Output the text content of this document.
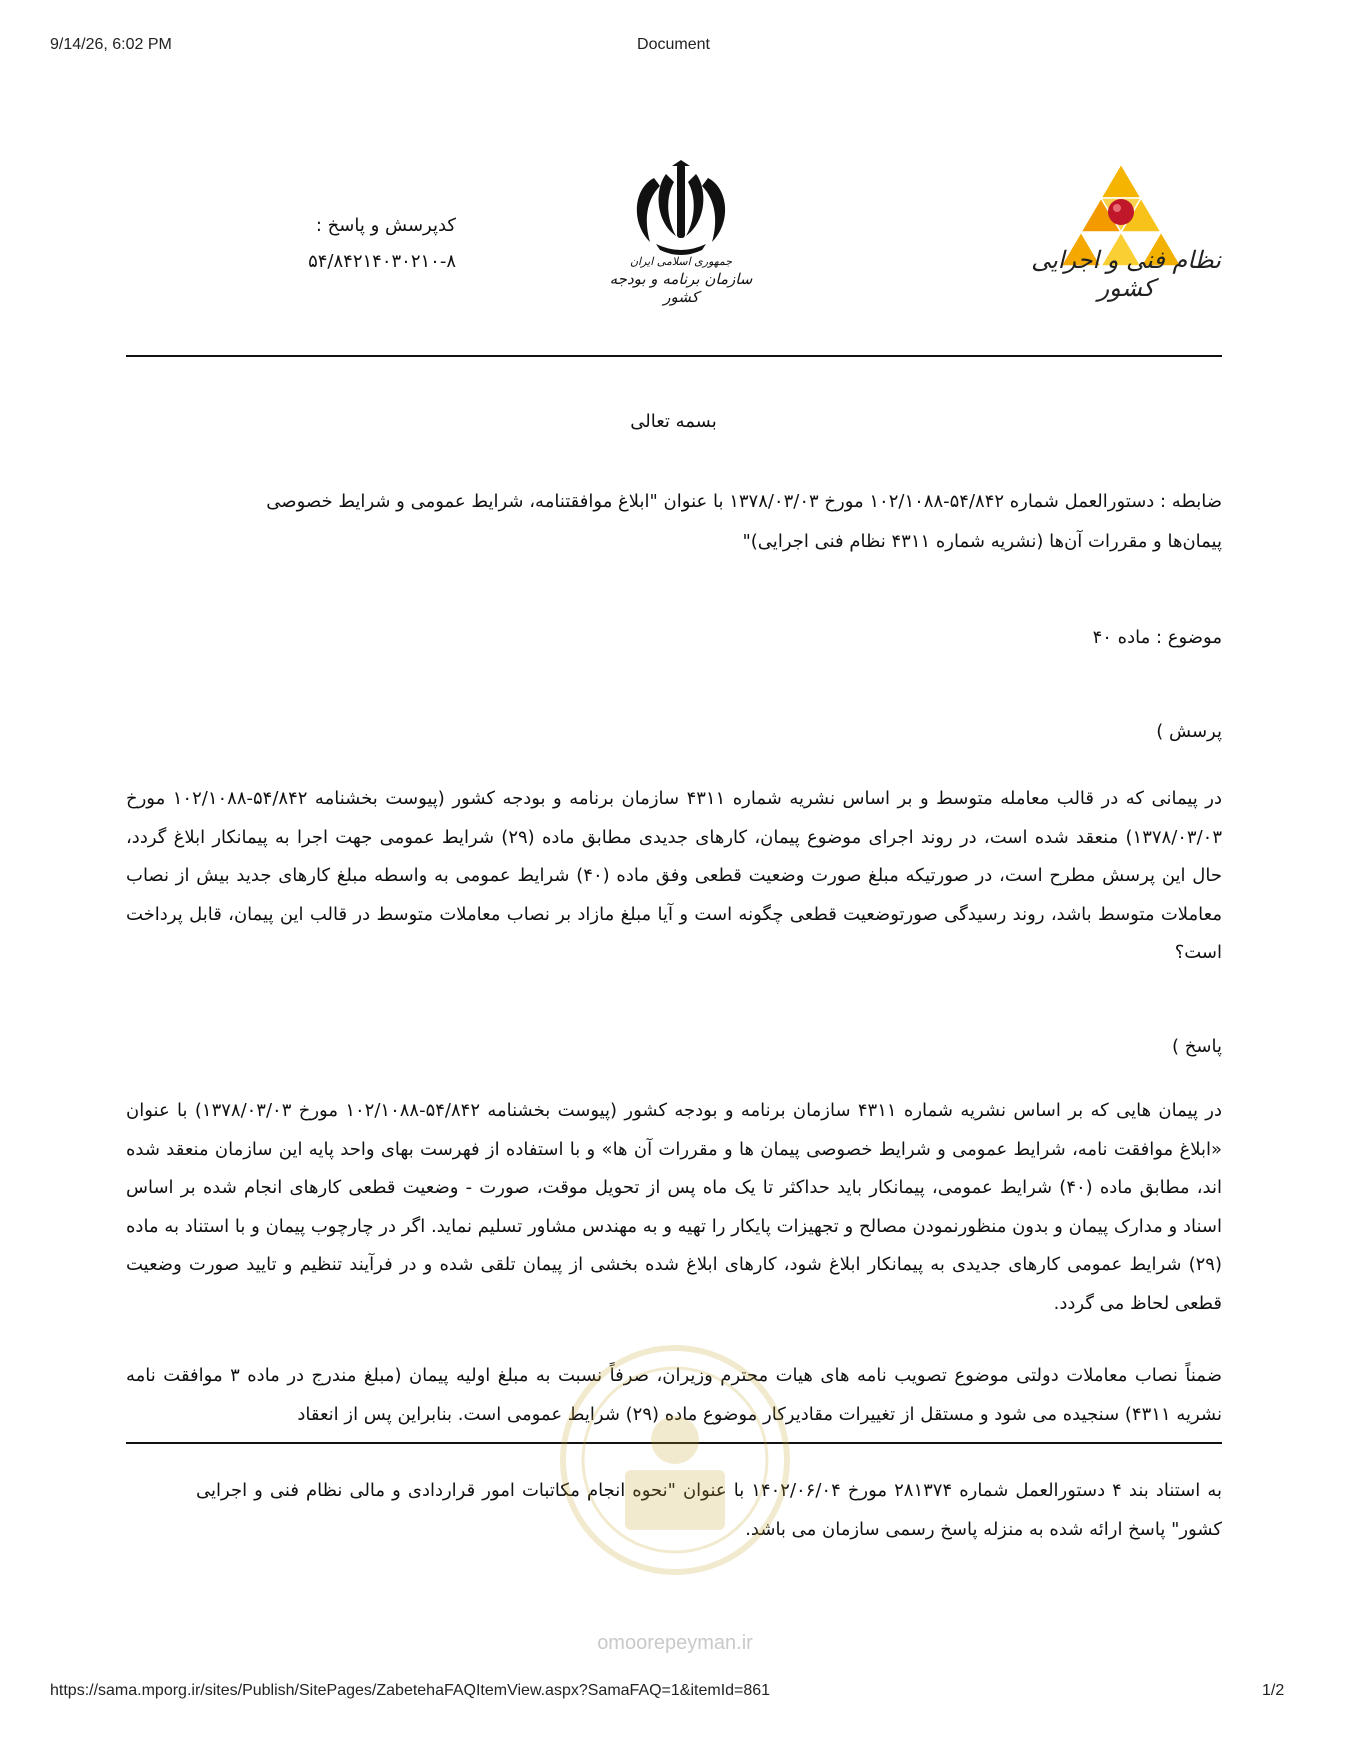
9/14/26, 6:02 PM	Document
کدپرسش و پاسخ :
۵۴/۸۴۲۱۴۰۳۰۲۱۰-۸	جمهوری اسلامی ایران
سازمان برنامه و بودجه کشور
نظام فنی و اجرایی کشور
بسمه تعالی
ضابطه : دستورالعمل شماره ۵۴/۸۴۲-۱۰۲/۱۰۸۸ مورخ ۱۳۷۸/۰۳/۰۳ با عنوان "ابلاغ موافقتنامه، شرایط عمومی و شرایط خصوصی
پیمان‌ها و مقررات آن‌ها (نشریه شماره ۴۳۱۱ نظام فنی اجرایی)"
موضوع : ماده ۴۰
پرسش )
در پیمانی که در قالب معامله متوسط و بر اساس نشریه شماره ۴۳۱۱ سازمان برنامه و بودجه کشور (پیوست بخشنامه ۵۴/۸۴۲-۱۰۲/۱۰۸۸ مورخ ۱۳۷۸/۰۳/۰۳) منعقد شده است، در روند اجرای موضوع پیمان، کارهای جدیدی مطابق ماده (۲۹) شرایط عمومی جهت اجرا به پیمانکار ابلاغ گردد، حال این پرسش مطرح است، در صورتیکه مبلغ صورت وضعیت قطعی وفق ماده (۴۰) شرایط عمومی به واسطه مبلغ کارهای جدید بیش از نصاب معاملات متوسط باشد، روند رسیدگی صورتوضعیت قطعی چگونه است و آیا مبلغ مازاد بر نصاب معاملات متوسط در قالب این پیمان، قابل پرداخت است؟
پاسخ )
در پیمان هایی که بر اساس نشریه شماره ۴۳۱۱ سازمان برنامه و بودجه کشور (پیوست بخشنامه ۵۴/۸۴۲-۱۰۲/۱۰۸۸ مورخ ۱۳۷۸/۰۳/۰۳) با عنوان «ابلاغ موافقت نامه، شرایط عمومی و شرایط خصوصی پیمان ها و مقررات آن ها» و با استفاده از فهرست بهای واحد پایه این سازمان منعقد شده اند، مطابق ماده (۴۰) شرایط عمومی، پیمانکار باید حداکثر تا یک ماه پس از تحویل موقت، صورت - وضعیت قطعی کارهای انجام شده بر اساس اسناد و مدارک پیمان و بدون منظورنمودن مصالح و تجهیزات پایکار را تهیه و به مهندس مشاور تسلیم نماید. اگر در چارچوب پیمان و با استناد به ماده (۲۹) شرایط عمومی کارهای جدیدی به پیمانکار ابلاغ شود، کارهای ابلاغ شده بخشی از پیمان تلقی شده و در فرآیند تنظیم و تایید صورت وضعیت قطعی لحاظ می گردد.
ضمناً نصاب معاملات دولتی موضوع تصویب نامه های هیات محترم وزیران، صرفاً نسبت به مبلغ اولیه پیمان (مبلغ مندرج در ماده ۳ موافقت نامه نشریه ۴۳۱۱) سنجیده می شود و مستقل از تغییرات مقادیرکار موضوع ماده (۲۹) شرایط عمومی است. بنابراین پس از انعقاد
به استناد بند ۴ دستورالعمل شماره ۲۸۱۳۷۴ مورخ ۱۴۰۲/۰۶/۰۴ با عنوان "نحوه انجام مکاتبات امور قراردادی و مالی نظام فنی و اجرایی کشور" پاسخ ارائه شده به منزله پاسخ رسمی سازمان می باشد.
omoorepeyman.ir
https://sama.mporg.ir/sites/Publish/SitePages/ZabetehaFAQItemView.aspx?SamaFAQ=1&itemId=861	1/2
